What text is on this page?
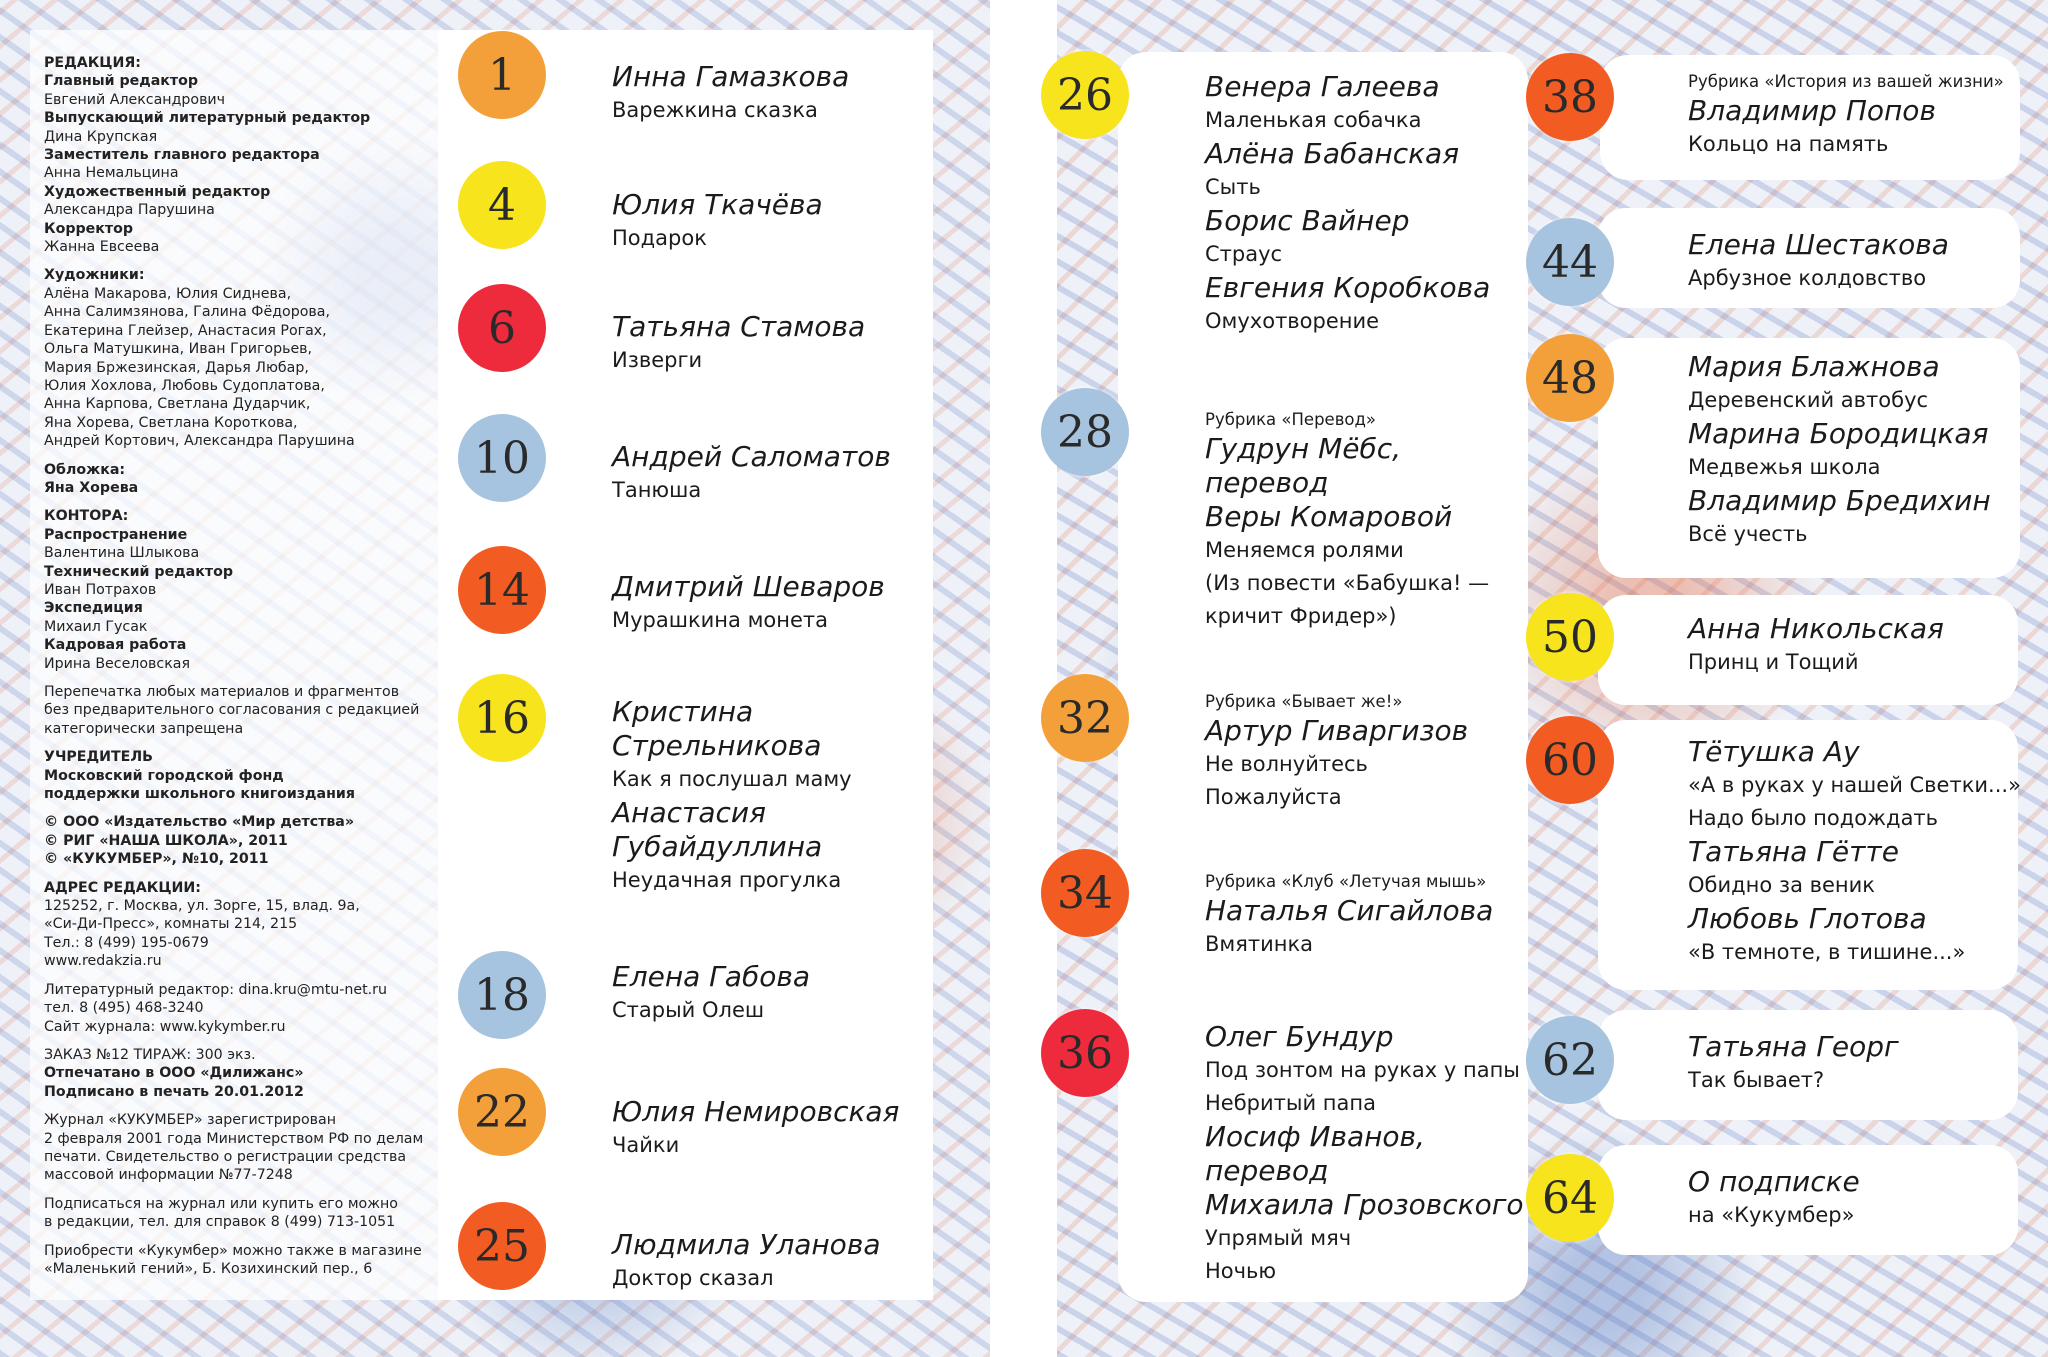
РЕДАКЦИЯ:
Главный редактор
Евгений Александрович
Выпускающий литературный редактор
Дина Крупская
Заместитель главного редактора
Анна Немальцина
Художественный редактор
Александра Парушина
Корректор
Жанна Евсеева
Художники:
Алёна Макарова, Юлия Сиднева,
Анна Салимзянова, Галина Фёдорова,
Екатерина Глейзер, Анастасия Рогах,
Ольга Матушкина, Иван Григорьев,
Мария Бржезинская, Дарья Любар,
Юлия Хохлова, Любовь Судоплатова,
Анна Карпова, Светлана Дударчик,
Яна Хорева, Светлана Короткова,
Андрей Кортович, Александра Парушина
Обложка:
Яна Хорева
КОНТОРА:
Распространение
Валентина Шлыкова
Технический редактор
Иван Потрахов
Экспедиция
Михаил Гусак
Кадровая работа
Ирина Веселовская
Перепечатка любых материалов и фрагментов
без предварительного согласования с редакцией
категорически запрещена
УЧРЕДИТЕЛЬ
Московский городской фонд
поддержки школьного книгоиздания
© ООО «Издательство «Мир детства»
© РИГ «НАША ШКОЛА», 2011
© «КУКУМБЕР», №10, 2011
АДРЕС РЕДАКЦИИ:
125252, г. Москва, ул. Зорге, 15, влад. 9а,
«Си-Ди-Пресс», комнаты 214, 215
Тел.: 8 (499) 195-0679
www.redakzia.ru
Литературный редактор: dina.kru@mtu-net.ru
тел. 8 (495) 468-3240
Сайт журнала: www.kykymber.ru
ЗАКАЗ №12 ТИРАЖ: 300 экз.
Отпечатано в ООО «Дилижанс»
Подписано в печать 20.01.2012
Журнал «КУКУМБЕР» зарегистрирован
2 февраля 2001 года Министерством РФ по делам
печати. Свидетельство о регистрации средства
массовой информации №77-7248
Подписаться на журнал или купить его можно
в редакции, тел. для справок 8 (499) 713-1051
Приобрести «Кукумбер» можно также в магазине
«Маленький гений», Б. Козихинский пер., 6
1	Инна Гамазкова
Варежкина сказка
4	Юлия Ткачёва
Подарок
6	Татьяна Стамова
Изверги
10	Андрей Саломатов
Танюша
14	Дмитрий Шеваров
Мурашкина монета
16	Кристина
Стрельникова
Как я послушал маму
Анастасия
Губайдуллина
Неудачная прогулка
18	Елена Габова
Старый Олеш
22	Юлия Немировская
Чайки
25	Людмила Уланова
Доктор сказал
26	Венера Галеева
Маленькая собачка
Алёна Бабанская
Сыть
Борис Вайнер
Страус
Евгения Коробкова
Омухотворение
28	Рубрика «Перевод»
Гудрун Мёбс,
перевод
Веры Комаровой
Меняемся ролями
(Из повести «Бабушка! —
кричит Фридер»)
32	Рубрика «Бывает же!»
Артур Гиваргизов
Не волнуйтесь
Пожалуйста
34	Рубрика «Клуб «Летучая мышь»
Наталья Сигайлова
Вмятинка
36	Олег Бундур
Под зонтом на руках у папы
Небритый папа
Иосиф Иванов,
перевод
Михаила Грозовского
Упрямый мяч
Ночью
38	Рубрика «История из вашей жизни»
Владимир Попов
Кольцо на память
44	Елена Шестакова
Арбузное колдовство
48	Мария Блажнова
Деревенский автобус
Марина Бородицкая
Медвежья школа
Владимир Бредихин
Всё учесть
50	Анна Никольская
Принц и Тощий
60	Тётушка Ау
«А в руках у нашей Светки...»
Надо было подождать
Татьяна Гётте
Обидно за веник
Любовь Глотова
«В темноте, в тишине...»
62	Татьяна Георг
Так бывает?
64	О подписке
на «Кукумбер»
